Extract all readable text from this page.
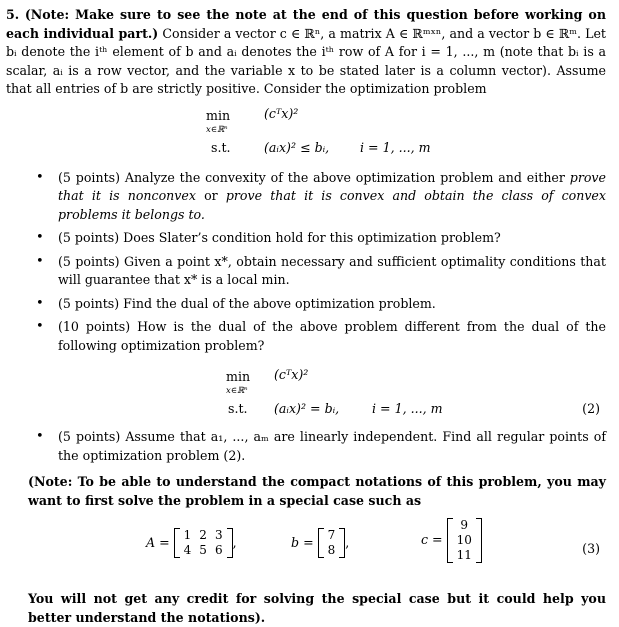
5. (Note: Make sure to see the note at the end of this question before working on each individual part.) Consider a vector c ∈ ℝⁿ, a matrix A ∈ ℝᵐˣⁿ, and a vector b ∈ ℝᵐ. Let bᵢ denote the iᵗʰ element of b and aᵢ denotes the iᵗʰ row of A for i = 1, ..., m (note that bᵢ is a scalar, aᵢ is a row vector, and the variable x to be stated later is a column vector). Assume that all entries of b are strictly positive. Consider the optimization problem

min
x∈ℝⁿ
(cᵀx)²
s.t.	(aᵢx)² ≤ bᵢ, i = 1, ..., m
• (5 points) Analyze the convexity of the above optimization problem and either prove that it is nonconvex or prove that it is convex and obtain the class of convex problems it belongs to.
• (5 points) Does Slater’s condition hold for this optimization problem?
• (5 points) Given a point x*, obtain necessary and sufficient optimality conditions that will guarantee that x* is a local min.
• (5 points) Find the dual of the above optimization problem.
• (10 points) How is the dual of the above problem different from the dual of the following optimization problem?
min
x∈ℝⁿ
(cᵀx)²
s.t. (aᵢx)² = bᵢ,	i = 1, ..., m	(2)
• (5 points) Assume that a₁, ..., aₘ are linearly independent. Find all regular points of the optimization problem (2).

(Note: To be able to understand the compact notations of this problem, you may want to first solve the problem in a special case such as

A = 1 2 3
4 5 6
,	b = 7
8
,	c =
9
10
11	(3)

You will not get any credit for solving the special case but it could help you better understand the notations).
